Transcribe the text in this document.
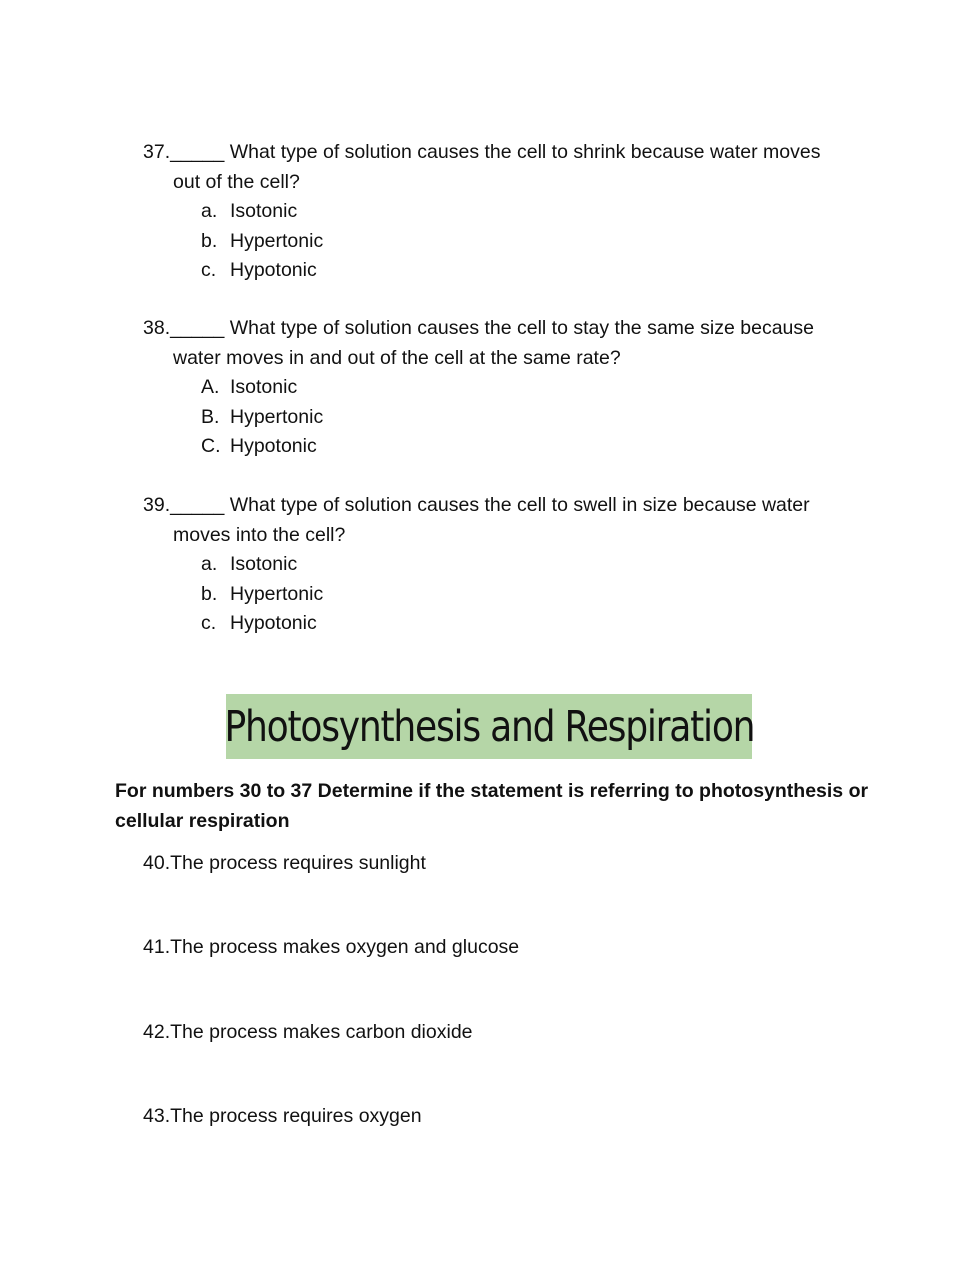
37._____ What type of solution causes the cell to shrink because water moves
out of the cell?
a. Isotonic
b. Hypertonic
c. Hypotonic
38._____ What type of solution causes the cell to stay the same size because
water moves in and out of the cell at the same rate?
A. Isotonic
B. Hypertonic
C. Hypotonic
39._____ What type of solution causes the cell to swell in size because water
moves into the cell?
a. Isotonic
b. Hypertonic
c. Hypotonic
Photosynthesis and Respiration
For numbers 30 to 37 Determine if the statement is referring to photosynthesis or cellular respiration
40.The process requires sunlight
41.The process makes oxygen and glucose
42.The process makes carbon dioxide
43.The process requires oxygen
